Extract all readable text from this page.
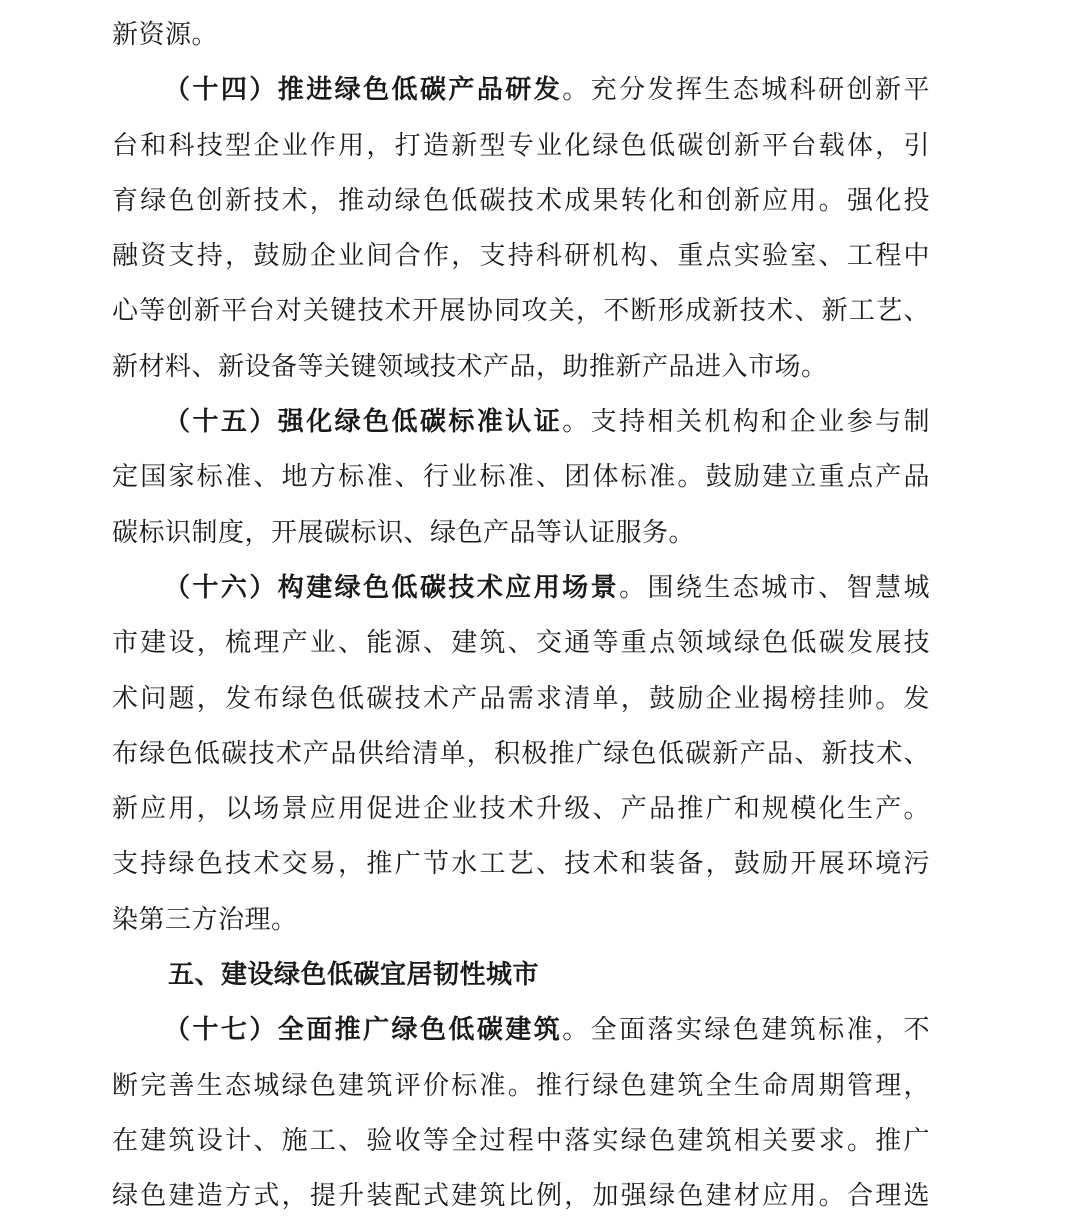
新资源。
（十四）推进绿色低碳产品研发。充分发挥生态城科研创新平
台和科技型企业作用，打造新型专业化绿色低碳创新平台载体，引
育绿色创新技术，推动绿色低碳技术成果转化和创新应用。强化投
融资支持，鼓励企业间合作，支持科研机构、重点实验室、工程中
心等创新平台对关键技术开展协同攻关，不断形成新技术、新工艺、
新材料、新设备等关键领域技术产品，助推新产品进入市场。
（十五）强化绿色低碳标准认证。支持相关机构和企业参与制
定国家标准、地方标准、行业标准、团体标准。鼓励建立重点产品
碳标识制度，开展碳标识、绿色产品等认证服务。
（十六）构建绿色低碳技术应用场景。围绕生态城市、智慧城
市建设，梳理产业、能源、建筑、交通等重点领域绿色低碳发展技
术问题，发布绿色低碳技术产品需求清单，鼓励企业揭榜挂帅。发
布绿色低碳技术产品供给清单，积极推广绿色低碳新产品、新技术、
新应用，以场景应用促进企业技术升级、产品推广和规模化生产。
支持绿色技术交易，推广节水工艺、技术和装备，鼓励开展环境污
染第三方治理。
五、建设绿色低碳宜居韧性城市
（十七）全面推广绿色低碳建筑。全面落实绿色建筑标准，不
断完善生态城绿色建筑评价标准。推行绿色建筑全生命周期管理，
在建筑设计、施工、验收等全过程中落实绿色建筑相关要求。推广
绿色建造方式，提升装配式建筑比例，加强绿色建材应用。合理选
